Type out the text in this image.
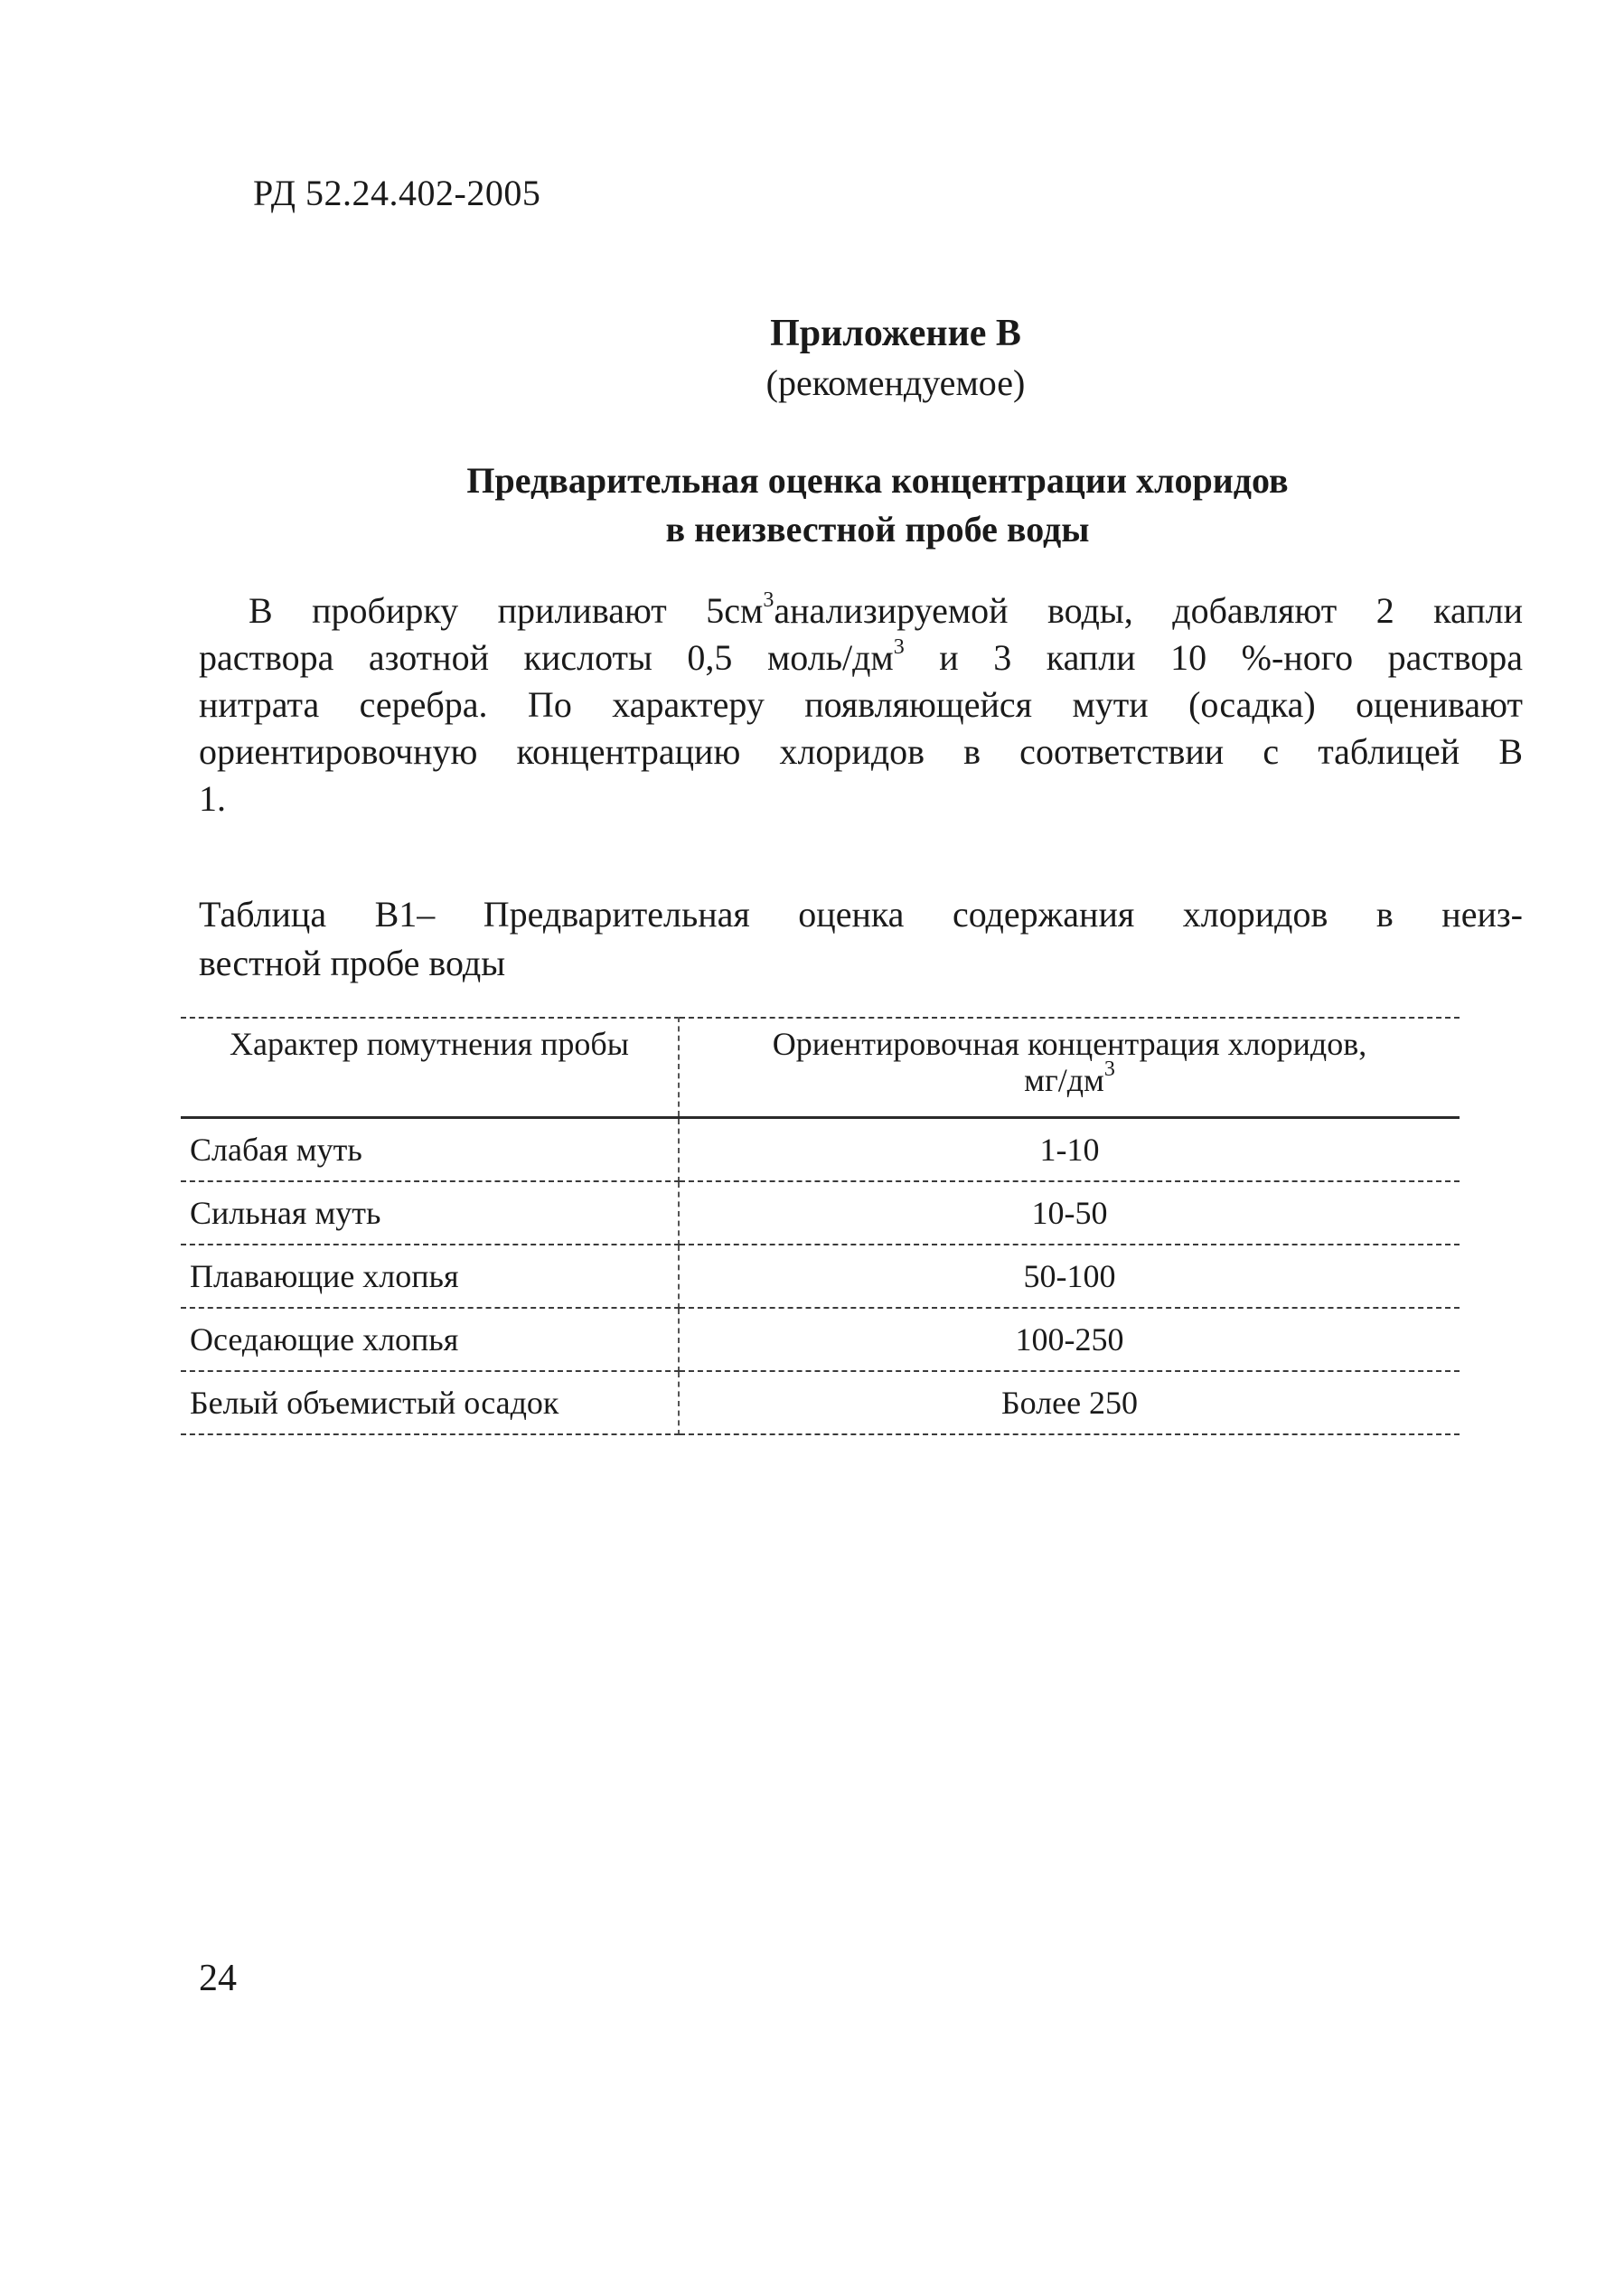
РД 52.24.402-2005
Приложение В
(рекомендуемое)
Предварительная оценка концентрации хлоридов
в неизвестной пробе воды
В пробирку приливают $5см^3анализируемой$ воды, добавляют 2 капли
раствора азотной кислоты 0,5 моль/$дм^3$ и 3 капли 10 %-ного раствора
нитрата серебра. По характеру появляющейся мути (осадка) оценивают
ориентировочную концентрацию хлоридов в соответствии с таблицей В
1.
Таблица В1– Предварительная оценка содержания хлоридов в неиз-
вестной пробе воды
Характер помутнения пробы	Ориентировочная концентрация хлоридов,
$мг/дм^3$
Слабая муть	1-10
Сильная муть	10-50
Плавающие хлопья	50-100
Оседающие хлопья	100-250
Белый объемистый осадок	Более 250
24
